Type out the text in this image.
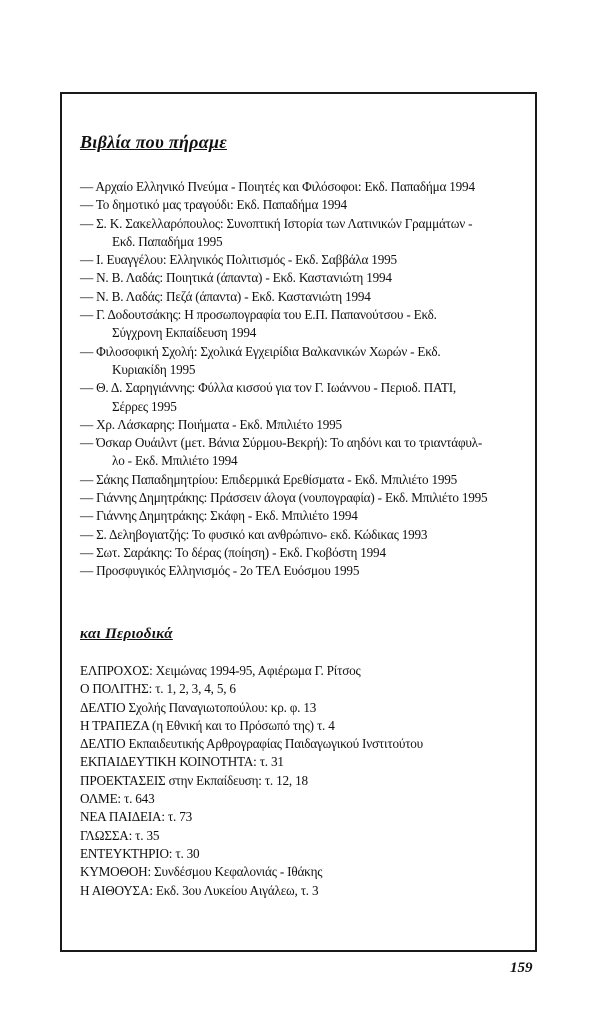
Βιβλία που πήραμε
— Αρχαίο Ελληνικό Πνεύμα - Ποιητές και Φιλόσοφοι: Εκδ. Παπαδήμα 1994
— Το δημοτικό μας τραγούδι: Εκδ. Παπαδήμα 1994
— Σ. Κ. Σακελλαρόπουλος: Συνοπτική Ιστορία των Λατινικών Γραμμάτων -
Εκδ. Παπαδήμα 1995
— Ι. Ευαγγέλου: Ελληνικός Πολιτισμός - Εκδ. Σαββάλα 1995
— Ν. Β. Λαδάς: Ποιητικά (άπαντα) - Εκδ. Κασταvιώτη 1994
— Ν. Β. Λαδάς: Πεζά (άπαντα) - Εκδ. Κασταvιώτη 1994
— Γ. Δοδουτσάκης: Η προσωπογραφία του Ε.Π. Παπανούτσου - Εκδ.
Σύγχρονη Εκπαίδευση 1994
— Φιλοσοφική Σχολή: Σχολικά Εγχειρίδια Βαλκανικών Χωρών - Εκδ.
Κυριακίδη 1995
— Θ. Δ. Σαρηγιάννης: Φύλλα κισσού για τον Γ. Ιωάννου - Περιοδ. ΠΑΤΙ,
Σέρρες 1995
— Χρ. Λάσκαρης: Ποιήματα - Εκδ. Μπιλιέτο 1995
— Όσκαρ Ουάιλντ (μετ. Βάνια Σύρμου-Βεκρή): Το αηδόνι και το τριαντάφυλ-
λο - Εκδ. Μπιλιέτο 1994
— Σάκης Παπαδημητρίου: Επιδερμικά Ερεθίσματα - Εκδ. Μπιλιέτο 1995
— Γιάννης Δημητράκης: Πράσσειν άλογα (νουπογραφία) - Εκδ. Μπιλιέτο 1995
— Γιάννης Δημητράκης: Σκάφη - Εκδ. Μπιλιέτο 1994
— Σ. Δεληβογιατζής: Το φυσικό και ανθρώπινο- εκδ. Κώδικας 1993
— Σωτ. Σαράκης: Το δέρας (ποίηση) - Εκδ. Γκοβόστη 1994
— Προσφυγικός Ελληνισμός - 2ο ΤΕΛ Ευόσμου 1995
και Περιοδικά
ΕΛΠΡΟΧΟΣ: Χειμώνας 1994-95, Αφιέρωμα Γ. Ρίτσος
Ο ΠΟΛΙΤΗΣ: τ. 1, 2, 3, 4, 5, 6
ΔΕΛΤΙΟ Σχολής Παναγιωτοπούλου: κρ. φ. 13
Η ΤΡΑΠΕΖΑ (η Εθνική και το Πρόσωπό της) τ. 4
ΔΕΛΤΙΟ Εκπαιδευτικής Αρθρογραφίας Παιδαγωγικού Ινστιτούτου
ΕΚΠΑΙΔΕΥΤΙΚΗ ΚΟΙΝΟΤΗΤΑ: τ. 31
ΠΡΟΕΚΤΑΣΕΙΣ στην Εκπαίδευση: τ. 12, 18
ΟΛΜΕ: τ. 643
ΝΕΑ ΠΑΙΔΕΙΑ: τ. 73
ΓΛΩΣΣΑ: τ. 35
ΕΝΤΕΥΚΤΗΡΙΟ: τ. 30
ΚΥΜΟΘΟΗ: Συνδέσμου Κεφαλονιάς - Ιθάκης
Η ΑΙΘΟΥΣΑ: Εκδ. 3ου Λυκείου Αιγάλεω, τ. 3
159
